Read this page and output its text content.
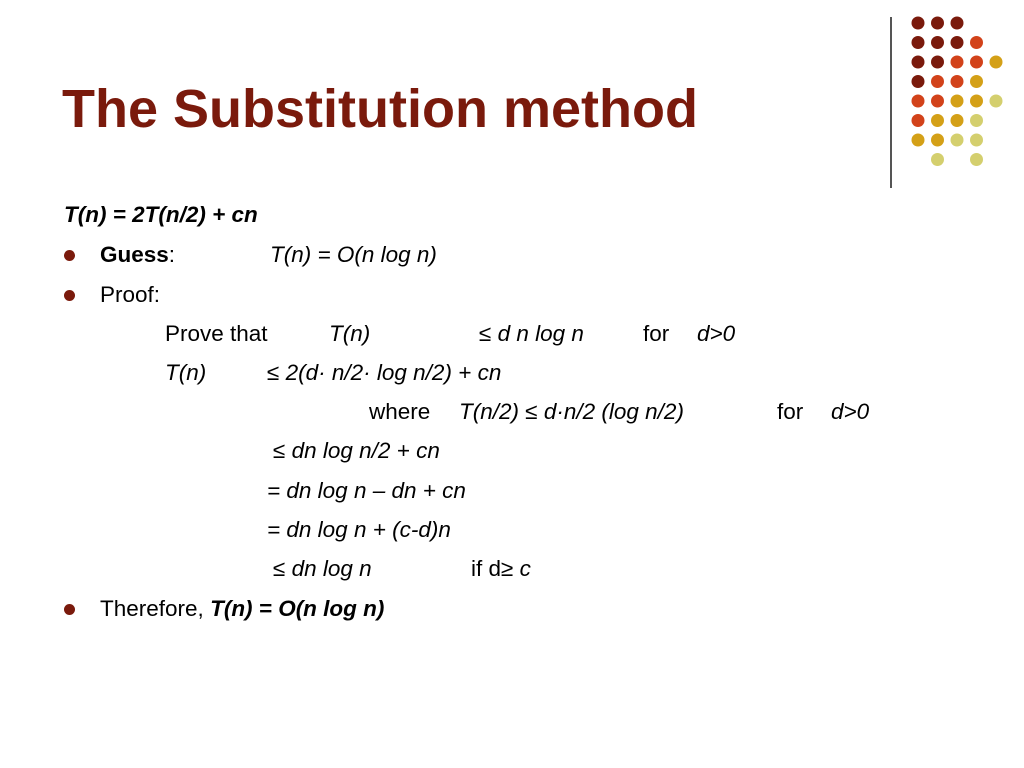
The Substitution method
T(n) = 2T(n/2) + cn
Guess:	T(n) = O(n log n)
Proof:
Prove that	T(n)	≤ d n log n	for d>0
T(n)	≤ 2(d· n/2· log n/2) + cn
where T(n/2) ≤ d·n/2 (log n/2)	for d>0
≤ dn log n/2 + cn
= dn log n – dn + cn
= dn log n + (c-d)n
≤ dn log n	if d≥ c
Therefore, T(n) = O(n log n)
